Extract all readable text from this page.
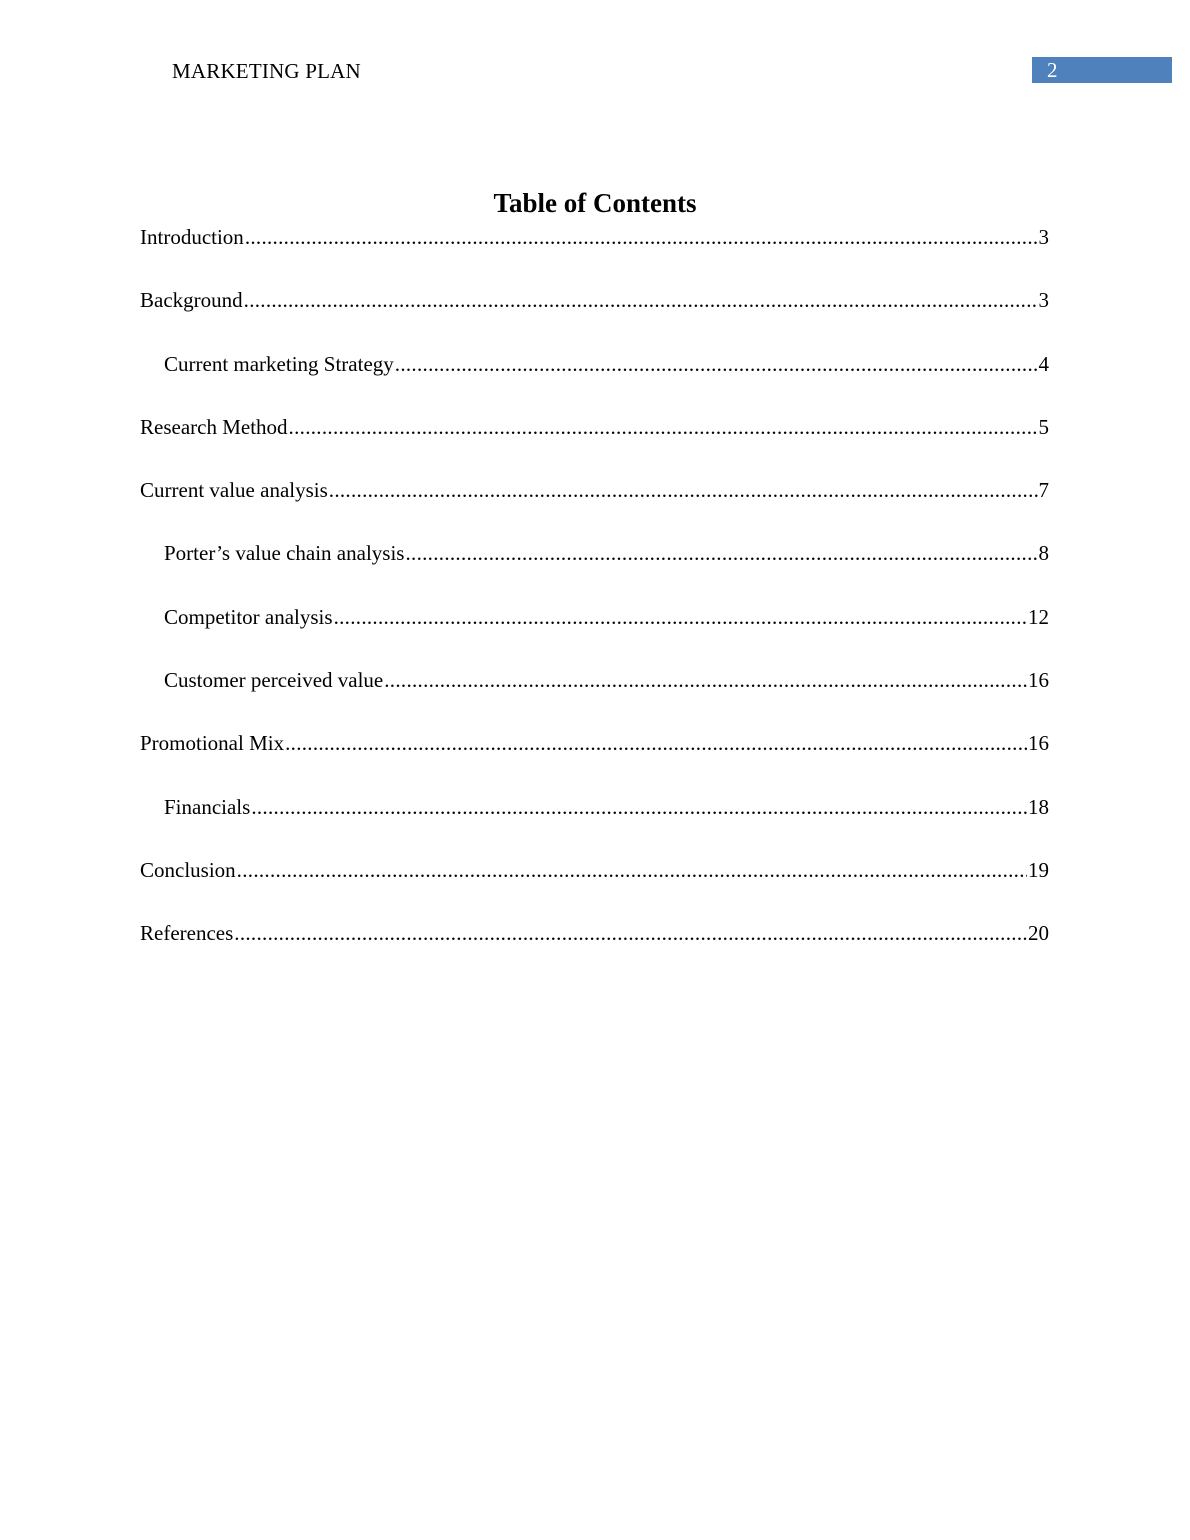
MARKETING PLAN	2
Table of Contents
Introduction .....	3
Background .....	3
Current marketing Strategy .....	4
Research Method .....	5
Current value analysis .....	7
Porter’s value chain analysis .....	8
Competitor analysis .....	12
Customer perceived value .....	16
Promotional Mix .....	16
Financials .....	18
Conclusion .....	19
References .....	20
